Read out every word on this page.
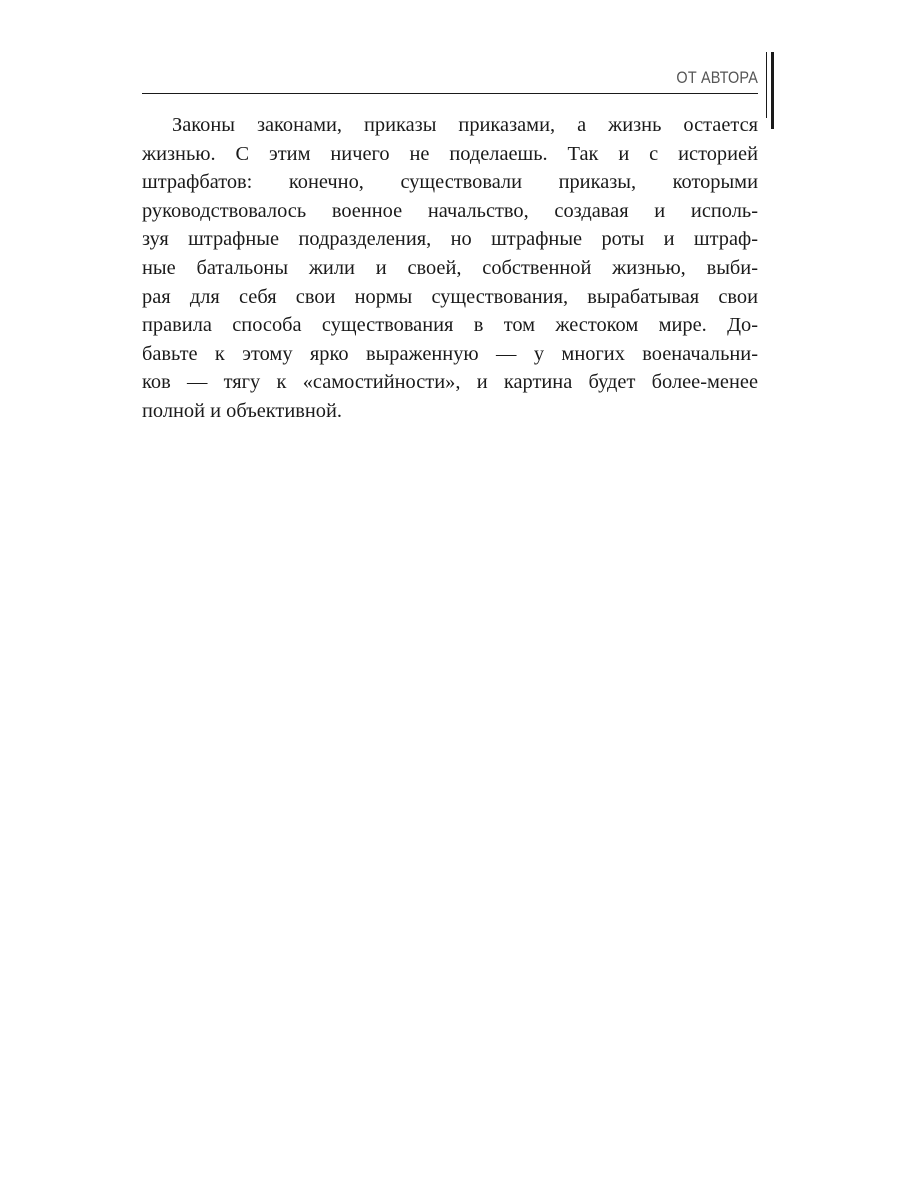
ОТ АВТОРА
Законы законами, приказы приказами, а жизнь остается
жизнью. С этим ничего не поделаешь. Так и с историей
штрафбатов: конечно, существовали приказы, которыми
руководствовалось военное начальство, создавая и исполь-
зуя штрафные подразделения, но штрафные роты и штраф-
ные батальоны жили и своей, собственной жизнью, выби-
рая для себя свои нормы существования, вырабатывая свои
правила способа существования в том жестоком мире. До-
бавьте к этому ярко выраженную — у многих военачальни-
ков — тягу к «самостийности», и картина будет более-менее
полной и объективной.
